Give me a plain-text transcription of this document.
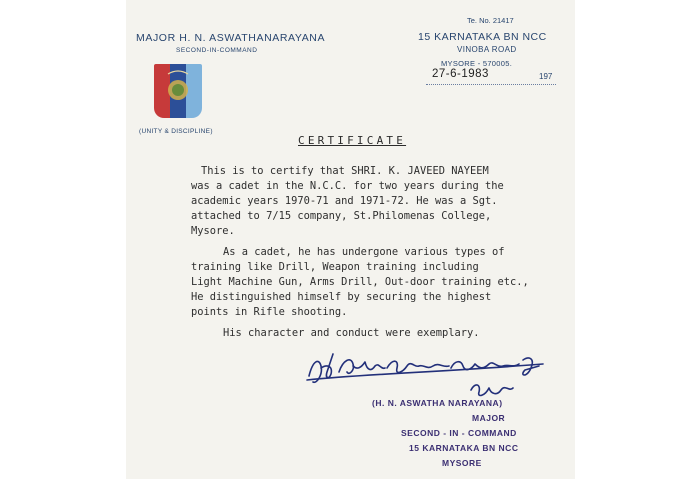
MAJOR H. N. ASWATHANARAYANA
SECOND-IN-COMMAND
(UNITY & DISCIPLINE)
Te. No. 21417
15 KARNATAKA BN NCC
VINOBA ROAD
MYSORE - 570005.
27-6-1983	197
CERTIFICATE
This is to certify that SHRI. K. JAVEED NAYEEM
was a cadet in the N.C.C. for two years during the
academic years 1970-71 and 1971-72. He was a Sgt.
attached to 7/15 company, St.Philomenas College,
Mysore.
As a cadet, he has undergone various types of
training like Drill, Weapon training including
Light Machine Gun, Arms Drill, Out-door training etc.,
He distinguished himself by securing the highest
points in Rifle shooting.
His character and conduct were exemplary.
(H. N. ASWATHA NARAYANA)
MAJOR
SECOND - IN - COMMAND
15 KARNATAKA BN NCC
MYSORE
